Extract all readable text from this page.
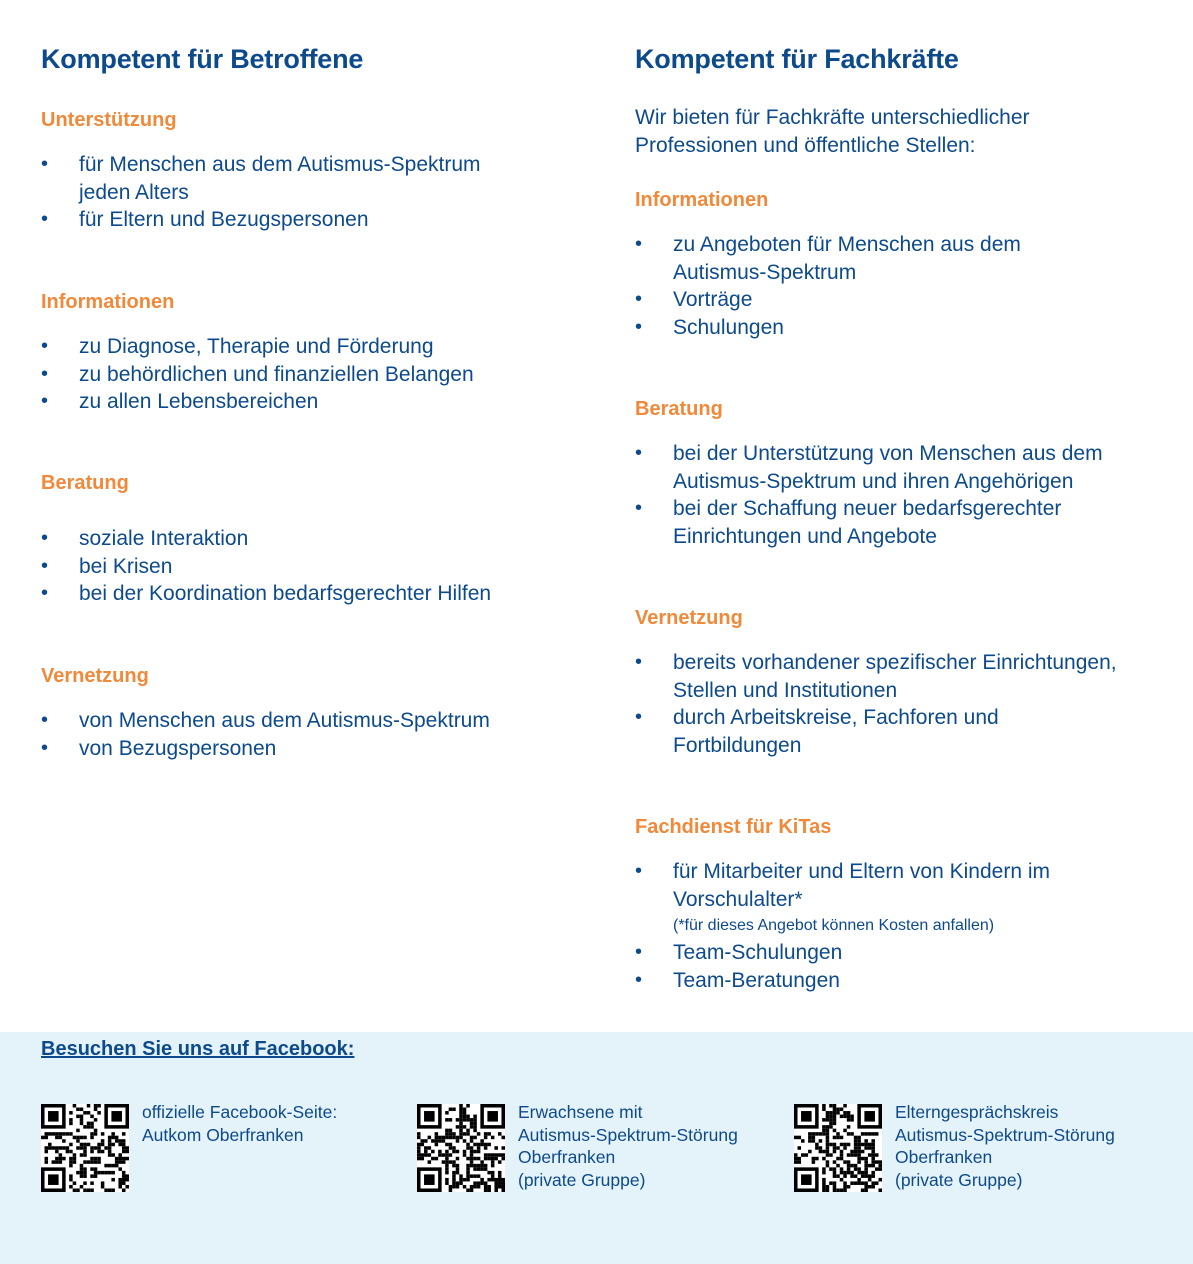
Kompetent für Betroffene
Unterstützung
• für Menschen aus dem Autismus-Spektrum
jeden Alters
• für Eltern und Bezugspersonen
Informationen
• zu Diagnose, Therapie und Förderung
• zu behördlichen und finanziellen Belangen
• zu allen Lebensbereichen
Beratung
• soziale Interaktion
• bei Krisen
• bei der Koordination bedarfsgerechter Hilfen
Vernetzung
• von Menschen aus dem Autismus-Spektrum
• von Bezugspersonen
Kompetent für Fachkräfte
Wir bieten für Fachkräfte unterschiedlicher
Professionen und öffentliche Stellen:
Informationen
• zu Angeboten für Menschen aus dem
Autismus-Spektrum
• Vorträge
• Schulungen
Beratung
• bei der Unterstützung von Menschen aus dem
Autismus-Spektrum und ihren Angehörigen
• bei der Schaffung neuer bedarfsgerechter
Einrichtungen und Angebote
Vernetzung
• bereits vorhandener spezifischer Einrichtungen,
Stellen und Institutionen
• durch Arbeitskreise, Fachforen und
Fortbildungen
Fachdienst für KiTas
• für Mitarbeiter und Eltern von Kindern im
Vorschulalter*
(*für dieses Angebot können Kosten anfallen)
• Team-Schulungen
• Team-Beratungen
Besuchen Sie uns auf Facebook:
offizielle Facebook-Seite:
Autkom Oberfranken
Erwachsene mit
Autismus-Spektrum-Störung
Oberfranken
(private Gruppe)
Elterngesprächskreis
Autismus-Spektrum-Störung
Oberfranken
(private Gruppe)
